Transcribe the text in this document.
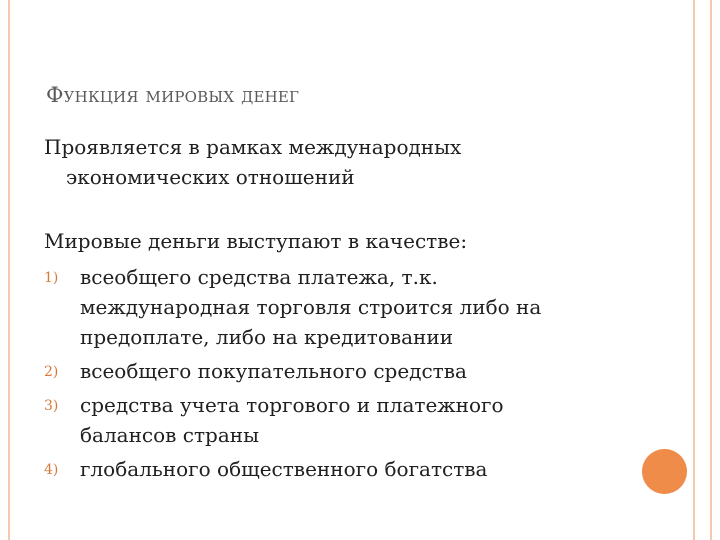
Функция мировых денег
Проявляется в рамках международных
экономических отношений
Мировые деньги выступают в качестве:
1) всеобщего средства платежа, т.к.
международная торговля строится либо на
предоплате, либо на кредитовании
2) всеобщего покупательного средства
3) средства учета торгового и платежного
балансов страны
4) глобального общественного богатства
